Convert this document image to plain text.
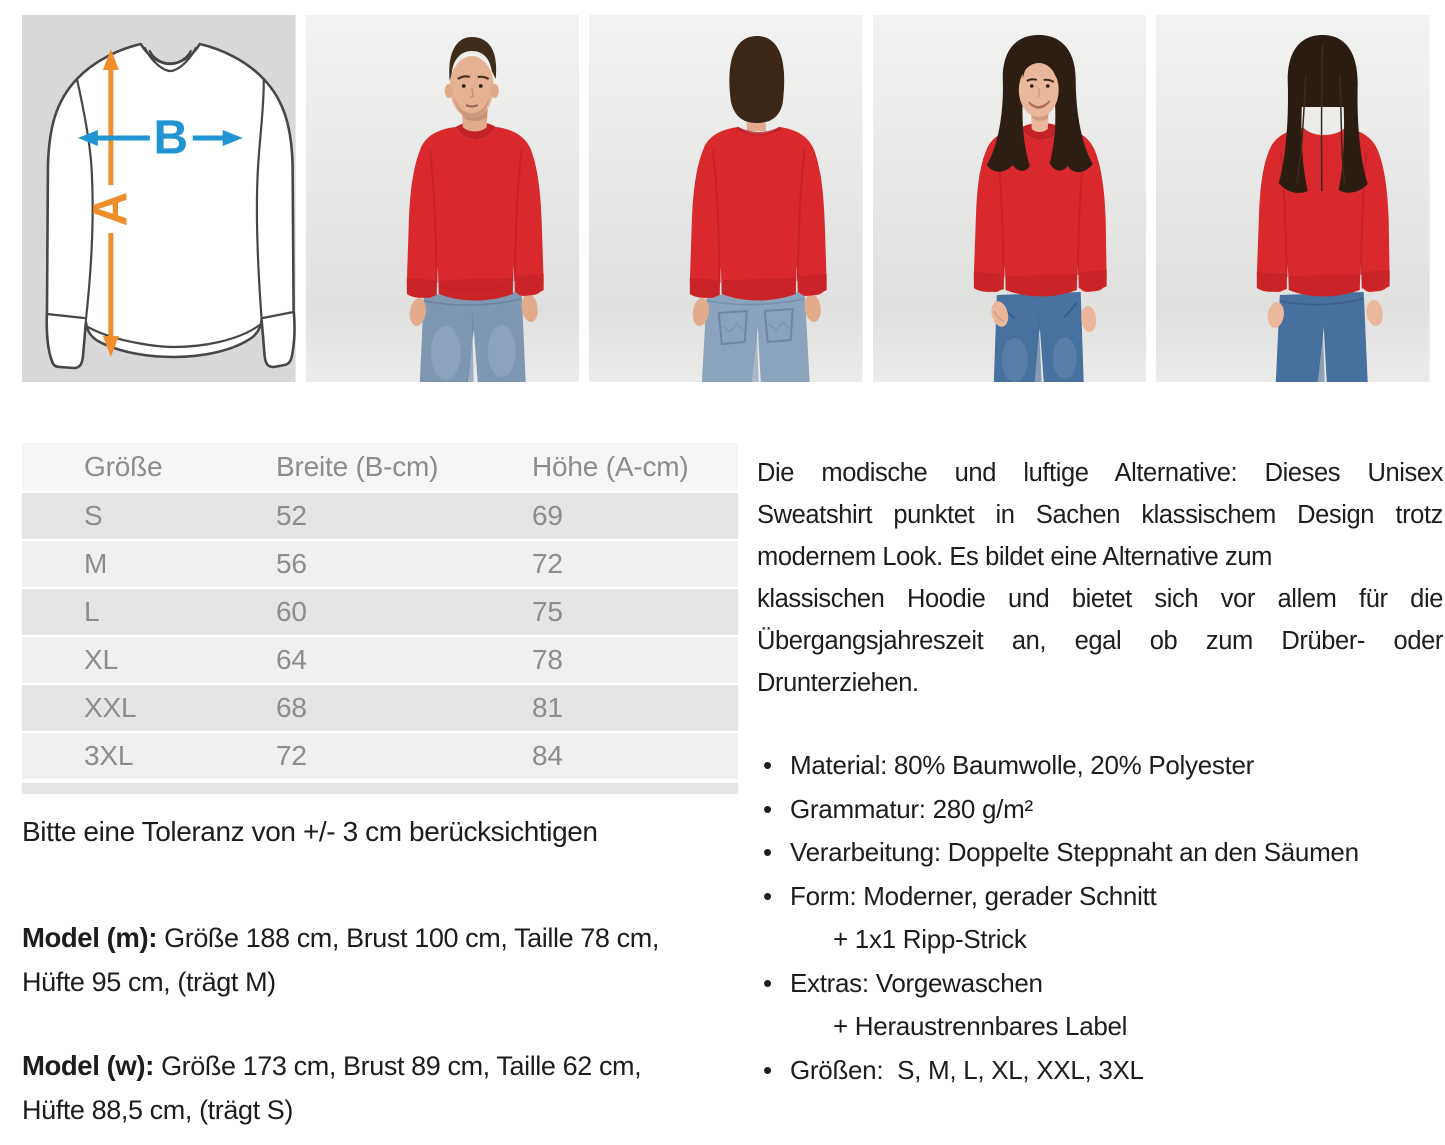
A
B
Größe	Breite (B-cm)	Höhe (A-cm)
S	52	69
M	56	72
L	60	75
XL	64	78
XXL	68	81
3XL	72	84

Bitte eine Toleranz von +/- 3 cm berücksichtigen

Model (m): Größe 188 cm, Brust 100 cm, Taille 78 cm,
Hüfte 95 cm, (trägt M)

Model (w): Größe 173 cm, Brust 89 cm, Taille 62 cm,
Hüfte 88,5 cm, (trägt S)

Die modische und luftige Alternative: Dieses Unisex
Sweatshirt punktet in Sachen klassischem Design trotz
modernem Look. Es bildet eine Alternative zum
klassischen Hoodie und bietet sich vor allem für die
Übergangsjahreszeit an, egal ob zum Drüber- oder
Drunterziehen.

• Material: 80% Baumwolle, 20% Polyester
• Grammatur: 280 g/m²
• Verarbeitung: Doppelte Steppnaht an den Säumen
• Form: Moderner, gerader Schnitt
+ 1x1 Ripp-Strick
• Extras: Vorgewaschen
+ Heraustrennbares Label
• Größen:  S, M, L, XL, XXL, 3XL
